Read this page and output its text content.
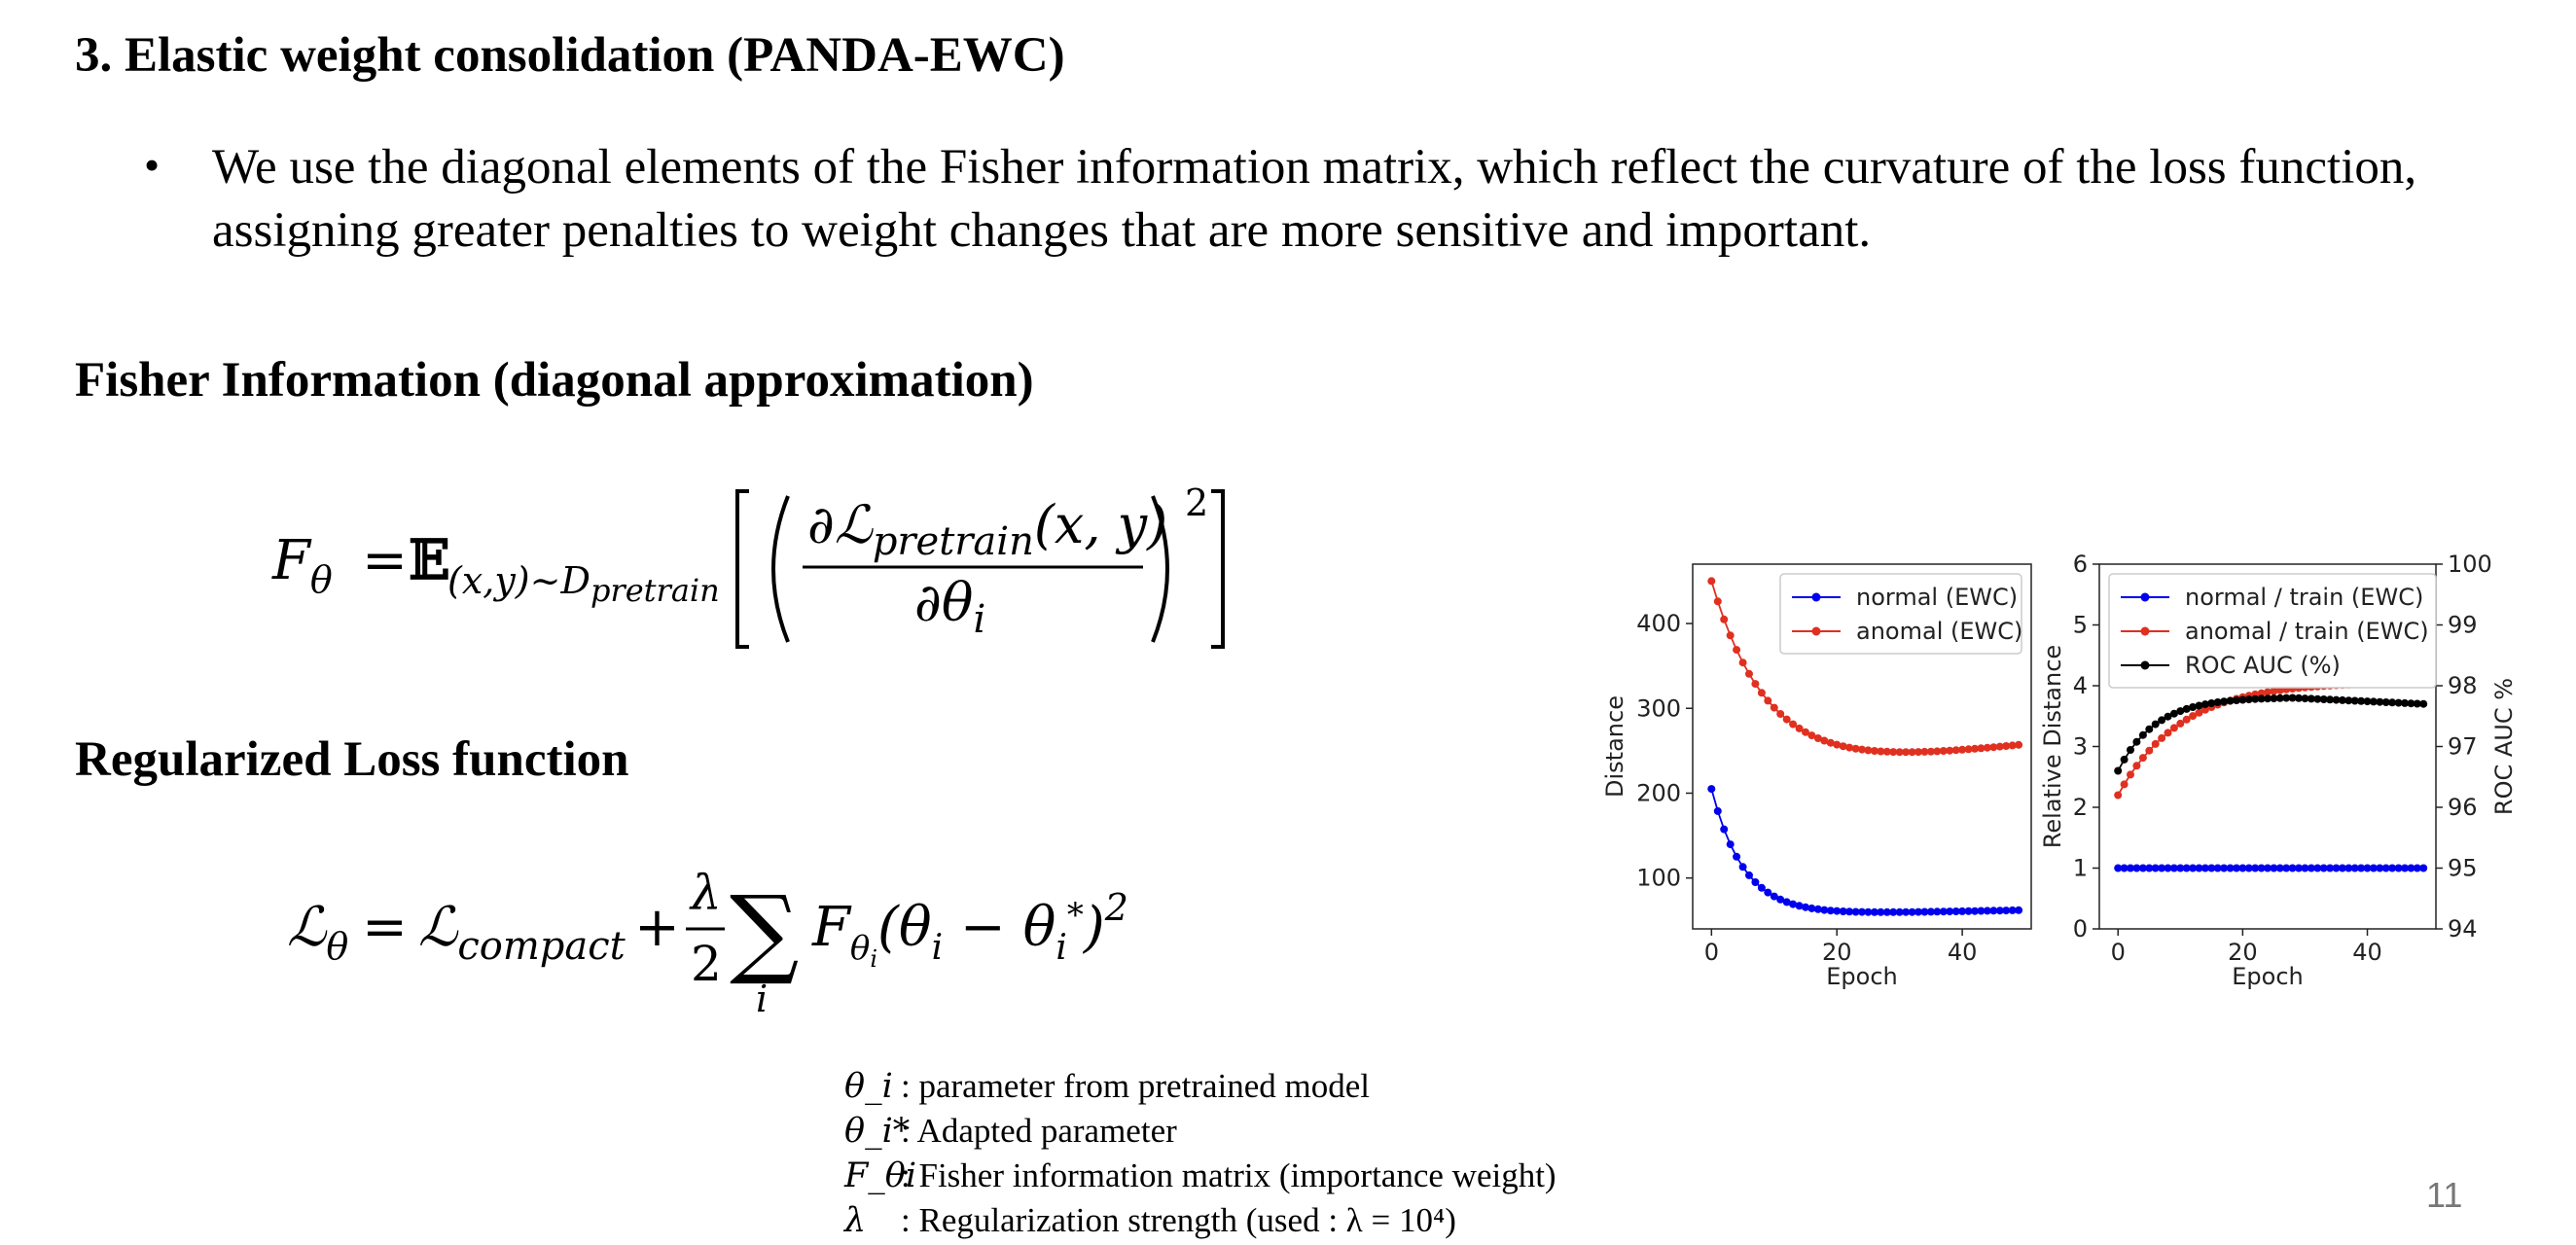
3. Elastic weight consolidation (PANDA-EWC)
• We use the diagonal elements of the Fisher information matrix, which reflect the curvature of the loss function, assigning greater penalties to weight changes that are more sensitive and important.
Fisher Information (diagonal approximation)
$F_\theta$ = 𝔼
$(x,y)\sim D_{pretrain}$
∂ℒ$_{pretrain}$(x, y)
$\partial\theta_i$
2
Regularized Loss function
ℒ$_\theta$ = ℒ$_{compact}$ +
λ
2 ∑
i
$F_\theta i(\theta_i - \theta_i^*)^2$
θ_i : parameter from pretrained model
θ_i*: Adapted parameter
F_θi: Fisher information matrix (importance weight)
λ : Regularization strength (used : λ = 10⁴)
0	20	40
Epoch
100
200
300
400
Distance
normal (EWC)
anomal (EWC)
0	20	40
Epoch
0
1
2
3
4
5
6
Relative Distance
94
95
96
97
98
99
100
ROC AUC %
normal / train (EWC)
anomal / train (EWC)
ROC AUC (%)
11
